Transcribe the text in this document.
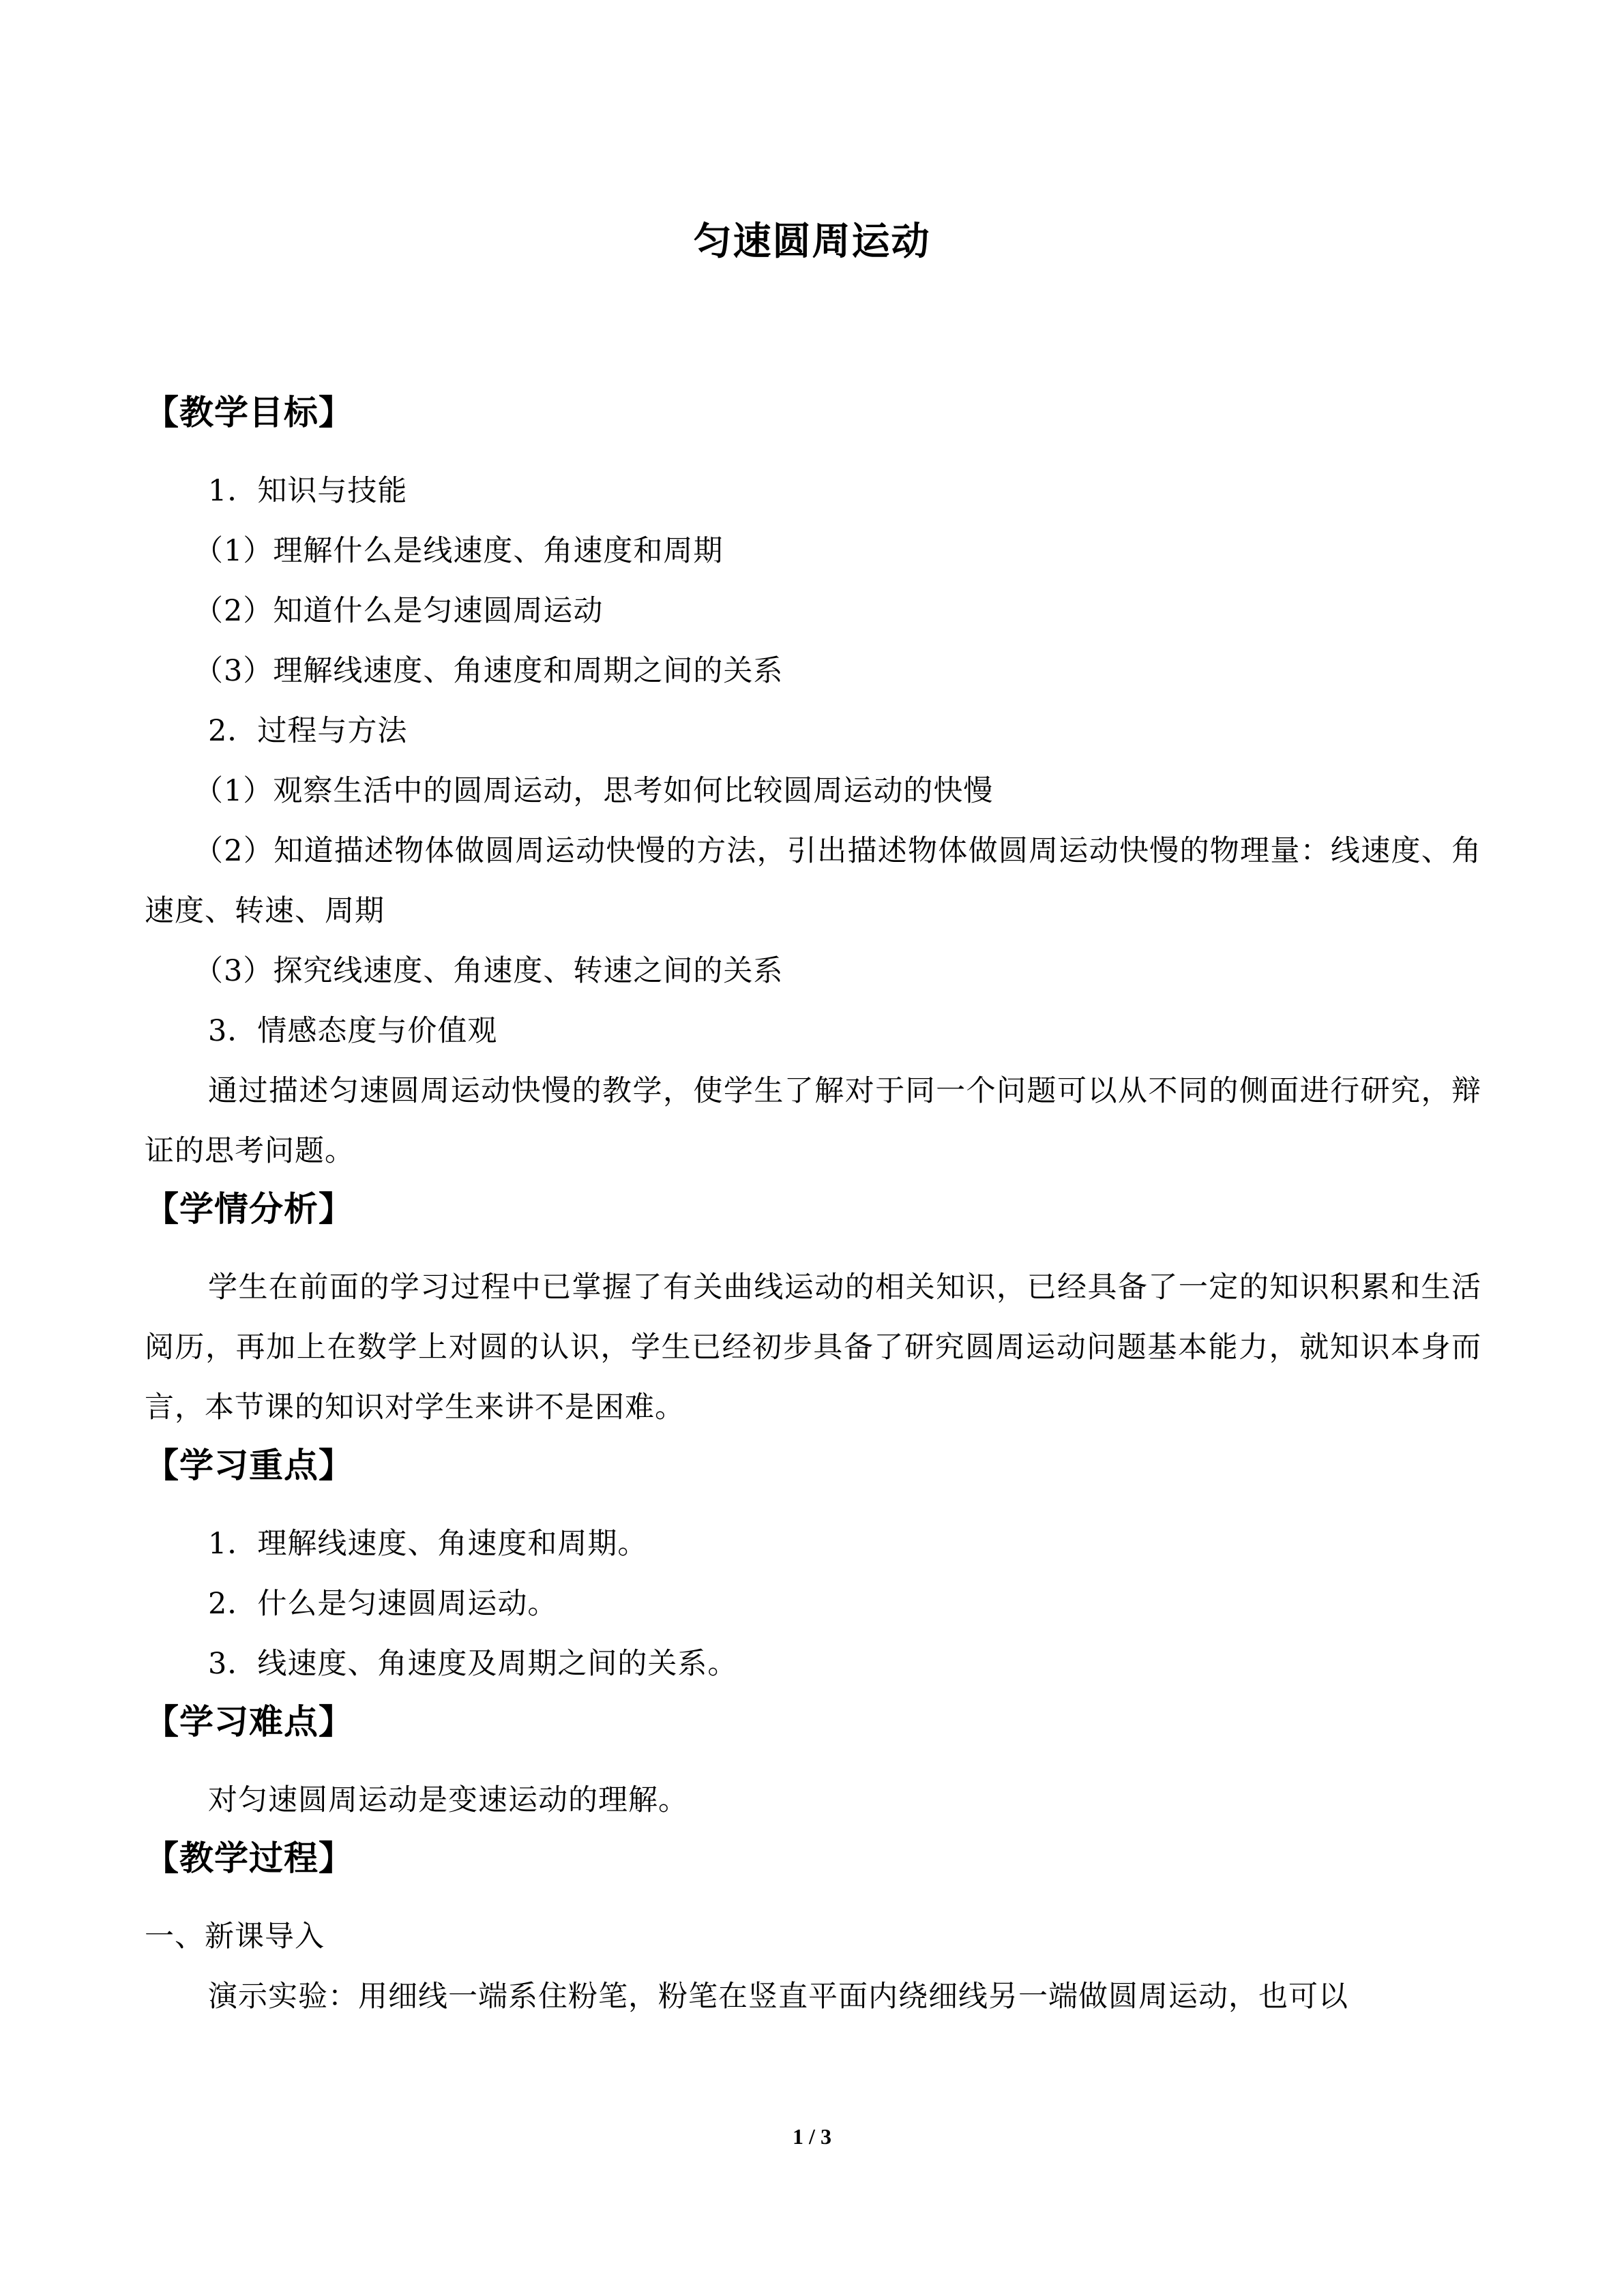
匀速圆周运动
【教学目标】

1．知识与技能

（1）理解什么是线速度、角速度和周期

（2）知道什么是匀速圆周运动

（3）理解线速度、角速度和周期之间的关系

2．过程与方法

（1）观察生活中的圆周运动，思考如何比较圆周运动的快慢

（2）知道描述物体做圆周运动快慢的方法，引出描述物体做圆周运动快慢的物理量：线速度、角速度、转速、周期

（3）探究线速度、角速度、转速之间的关系

3．情感态度与价值观

通过描述匀速圆周运动快慢的教学，使学生了解对于同一个问题可以从不同的侧面进行研究，辩证的思考问题。

【学情分析】

学生在前面的学习过程中已掌握了有关曲线运动的相关知识，已经具备了一定的知识积累和生活阅历，再加上在数学上对圆的认识，学生已经初步具备了研究圆周运动问题基本能力，就知识本身而言，本节课的知识对学生来讲不是困难。

【学习重点】

1．理解线速度、角速度和周期。

2．什么是匀速圆周运动。

3．线速度、角速度及周期之间的关系。

【学习难点】

对匀速圆周运动是变速运动的理解。

【教学过程】

一、新课导入

演示实验：用细线一端系住粉笔，粉笔在竖直平面内绕细线另一端做圆周运动，也可以

1 / 3
